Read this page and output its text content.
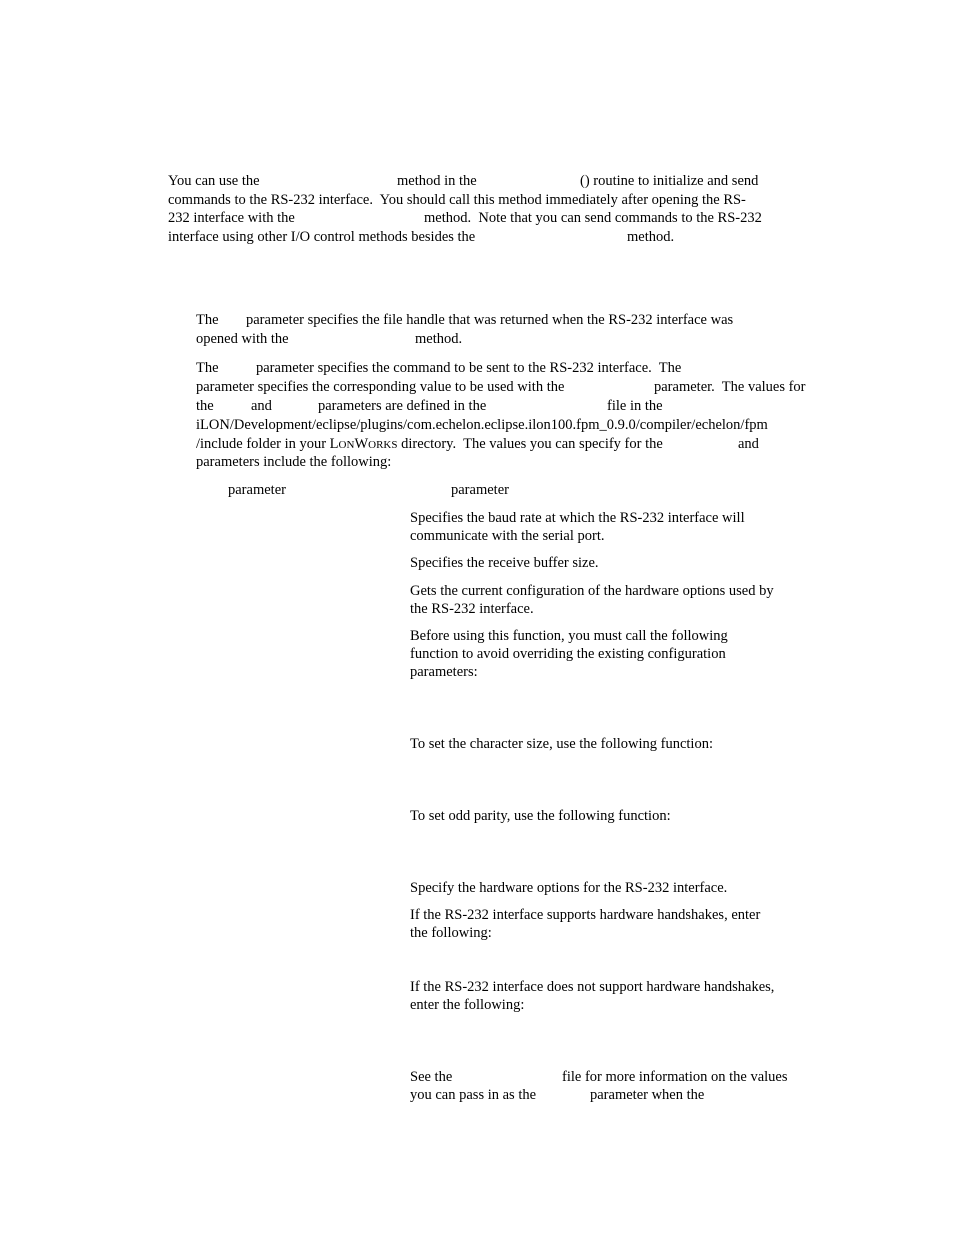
You can use the	method in the	() routine to initialize and send
commands to the RS-232 interface.  You should call this method immediately after opening the RS-
232 interface with the	method.  Note that you can send commands to the RS-232
interface using other I/O control methods besides the	method.
The parameter specifies the file handle that was returned when the RS-232 interface was
opened with the	method.
The	parameter specifies the command to be sent to the RS-232 interface.  The
parameter specifies the corresponding value to be used with the	parameter.  The values for
the	and	parameters are defined in the	file in the
iLON/Development/eclipse/plugins/com.echelon.eclipse.ilon100.fpm_0.9.0/compiler/echelon/fpm
/include folder in your LONWORKS directory.  The values you can specify for the	and
parameters include the following:
parameter	parameter
Specifies the baud rate at which the RS-232 interface will
communicate with the serial port.
Specifies the receive buffer size.
Gets the current configuration of the hardware options used by
the RS-232 interface.
Before using this function, you must call the following
function to avoid overriding the existing configuration
parameters:
To set the character size, use the following function:
To set odd parity, use the following function:
Specify the hardware options for the RS-232 interface.
If the RS-232 interface supports hardware handshakes, enter
the following:
If the RS-232 interface does not support hardware handshakes,
enter the following:
See the	file for more information on the values
you can pass in as the	parameter when the
